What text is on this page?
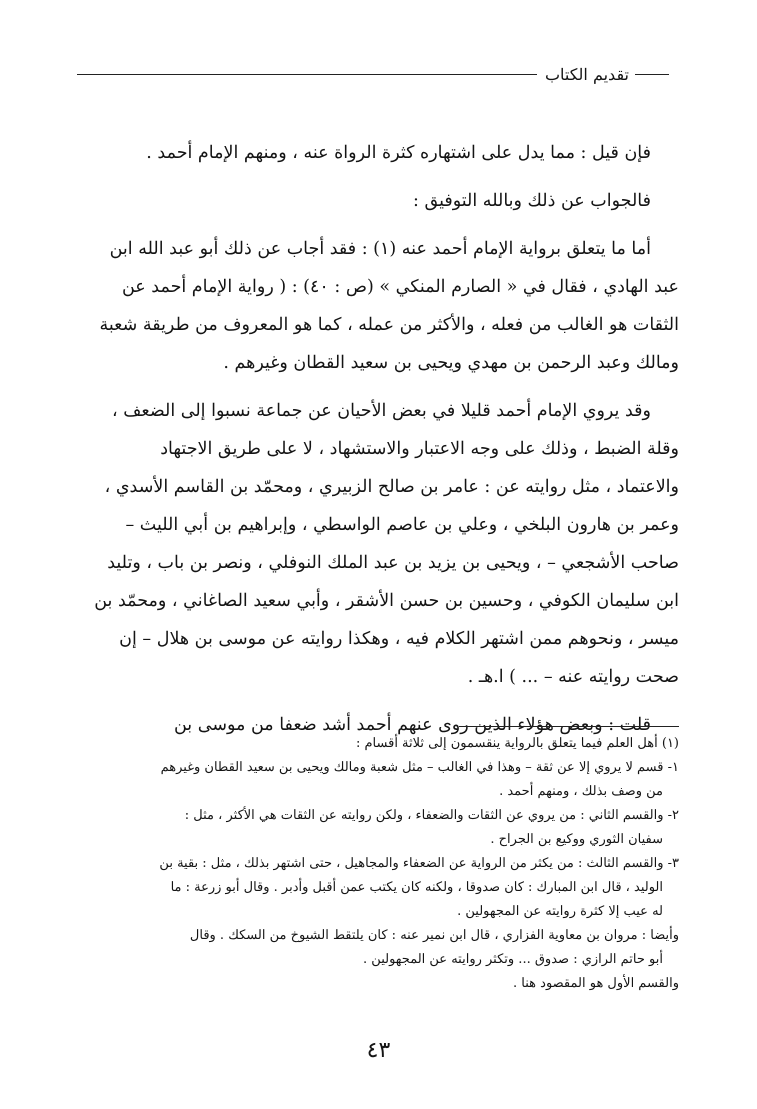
تقديم الكتاب

فإن قيل : مما يدل على اشتهاره كثرة الرواة عنه ، ومنهم الإمام أحمد .

فالجواب عن ذلك وبالله التوفيق :

أما ما يتعلق برواية الإمام أحمد عنه (١) : فقد أجاب عن ذلك أبو عبد الله ابن
عبد الهادي ، فقال في « الصارم المنكي » (ص : ٤٠) : ( رواية الإمام أحمد عن
الثقات هو الغالب من فعله ، والأكثر من عمله ، كما هو المعروف من طريقة شعبة
ومالك وعبد الرحمن بن مهدي ويحيى بن سعيد القطان وغيرهم .

وقد يروي الإمام أحمد قليلا في بعض الأحيان عن جماعة نسبوا إلى الضعف ،
وقلة الضبط ، وذلك على وجه الاعتبار والاستشهاد ، لا على طريق الاجتهاد
والاعتماد ، مثل روايته عن : عامر بن صالح الزبيري ، ومحمّد بن القاسم الأسدي ،
وعمر بن هارون البلخي ، وعلي بن عاصم الواسطي ، وإبراهيم بن أبي الليث –
صاحب الأشجعي – ، ويحيى بن يزيد بن عبد الملك النوفلي ، ونصر بن باب ، وتليد
ابن سليمان الكوفي ، وحسين بن حسن الأشقر ، وأبي سعيد الصاغاني ، ومحمّد بن
ميسر ، ونحوهم ممن اشتهر الكلام فيه ، وهكذا روايته عن موسى بن هلال – إن
صحت روايته عنه – ... ) ا.هـ .

قلت : وبعض هؤلاء الذين روى عنهم أحمد أشد ضعفا من موسى بن

(١) أهل العلم فيما يتعلق بالرواية ينقسمون إلى ثلاثة أقسام :
١- قسم لا يروي إلا عن ثقة – وهذا في الغالب – مثل شعبة ومالك ويحيى بن سعيد القطان وغيرهم
من وصف بذلك ، ومنهم أحمد .
٢- والقسم الثاني : من يروي عن الثقات والضعفاء ، ولكن روايته عن الثقات هي الأكثر ، مثل :
سفيان الثوري ووكيع بن الجراح .
٣- والقسم الثالث : من يكثر من الرواية عن الضعفاء والمجاهيل ، حتى اشتهر بذلك ، مثل : بقية بن
الوليد ، قال ابن المبارك : كان صدوقا ، ولكنه كان يكتب عمن أقبل وأدبر . وقال أبو زرعة : ما
له عيب إلا كثرة روايته عن المجهولين .
وأيضا : مروان بن معاوية الفزاري ، قال ابن نمير عنه : كان يلتقط الشيوخ من السكك . وقال
أبو حاتم الرازي : صدوق ... وتكثر روايته عن المجهولين .
والقسم الأول هو المقصود هنا .
٤٣
